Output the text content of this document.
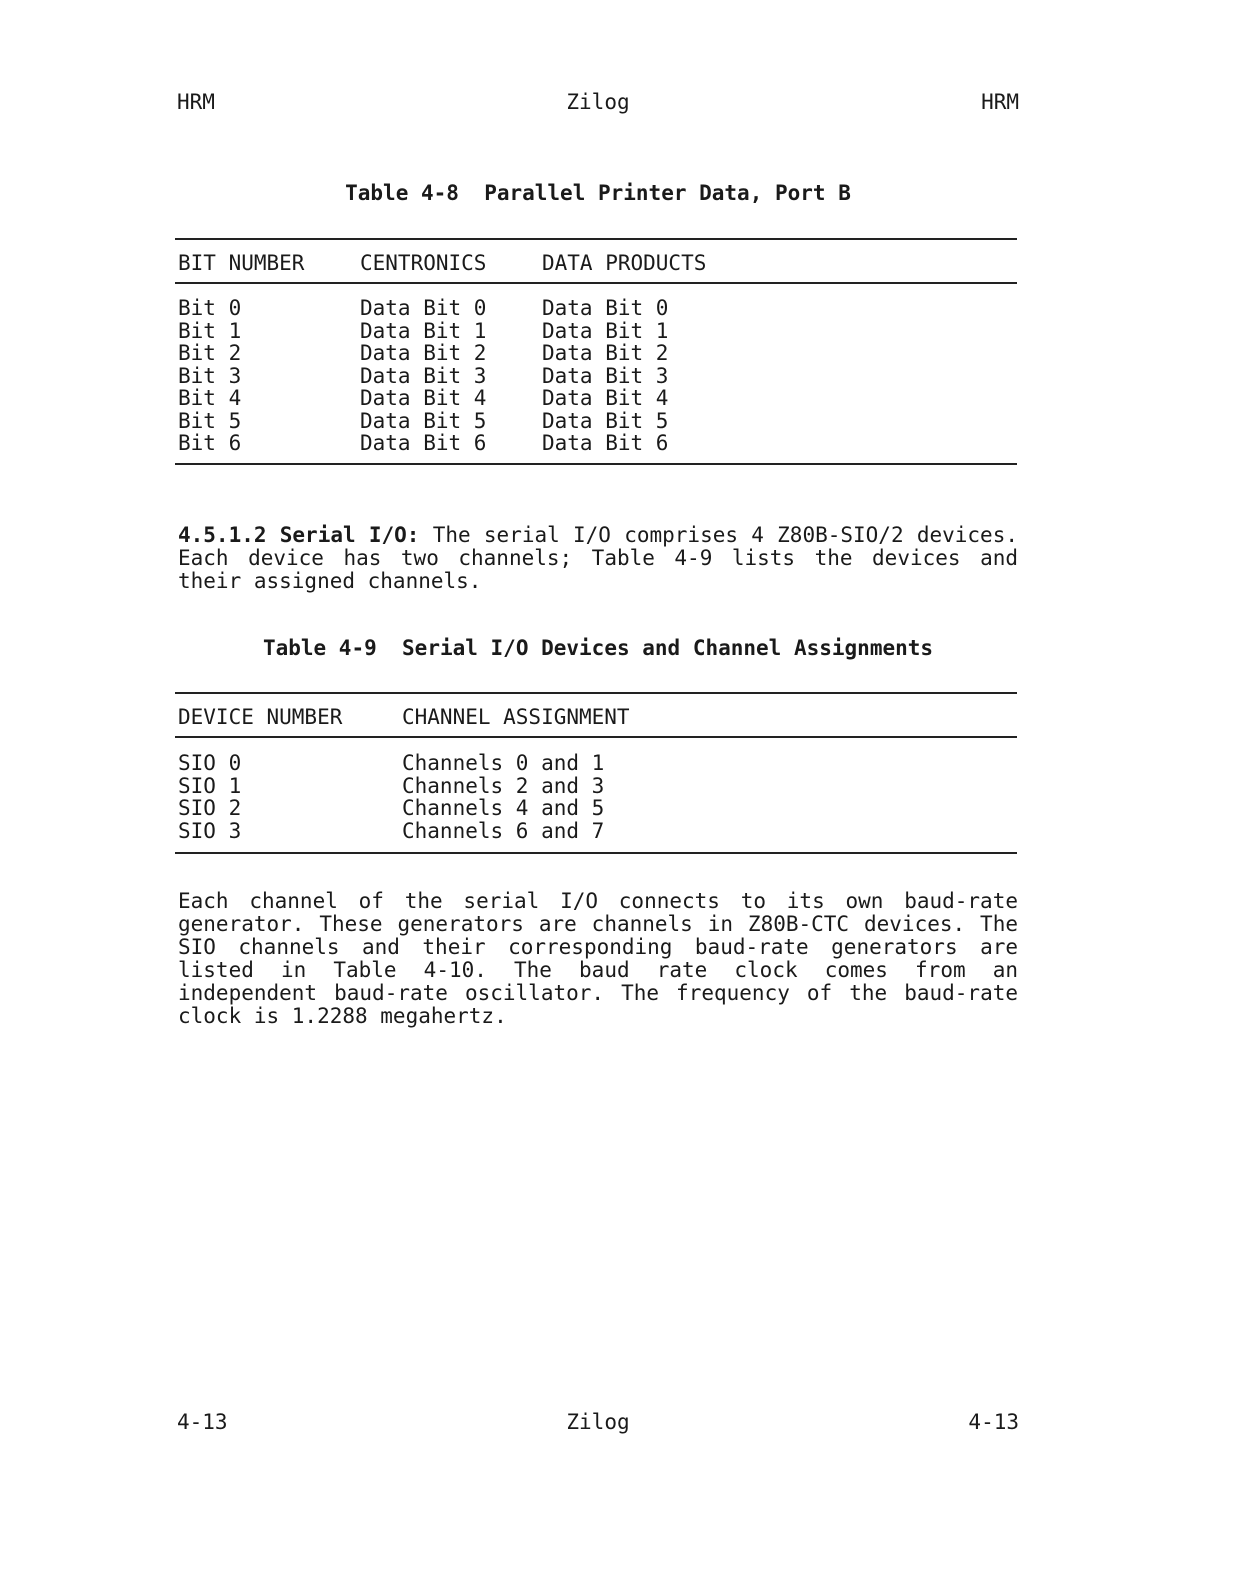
HRM	Zilog	HRM
Table 4-8  Parallel Printer Data, Port B
BIT NUMBER	CENTRONICS	DATA PRODUCTS
Bit 0	Data Bit 0	Data Bit 0
Bit 1	Data Bit 1	Data Bit 1
Bit 2	Data Bit 2	Data Bit 2
Bit 3	Data Bit 3	Data Bit 3
Bit 4	Data Bit 4	Data Bit 4
Bit 5	Data Bit 5	Data Bit 5
Bit 6	Data Bit 6	Data Bit 6
4.5.1.2 Serial I/O: The serial I/O comprises 4 Z80B-SIO/2 devices. Each device has two channels; Table 4-9 lists the devices and their assigned channels.
Table 4-9  Serial I/O Devices and Channel Assignments
DEVICE NUMBER	CHANNEL ASSIGNMENT
SIO 0	Channels 0 and 1
SIO 1	Channels 2 and 3
SIO 2	Channels 4 and 5
SIO 3	Channels 6 and 7
Each channel of the serial I/O connects to its own baud-rate generator. These generators are channels in Z80B-CTC devices. The SIO channels and their corresponding baud-rate generators are listed in Table 4-10. The baud rate clock comes from an independent baud-rate oscillator. The frequency of the baud-rate clock is 1.2288 megahertz.
4-13	Zilog	4-13
